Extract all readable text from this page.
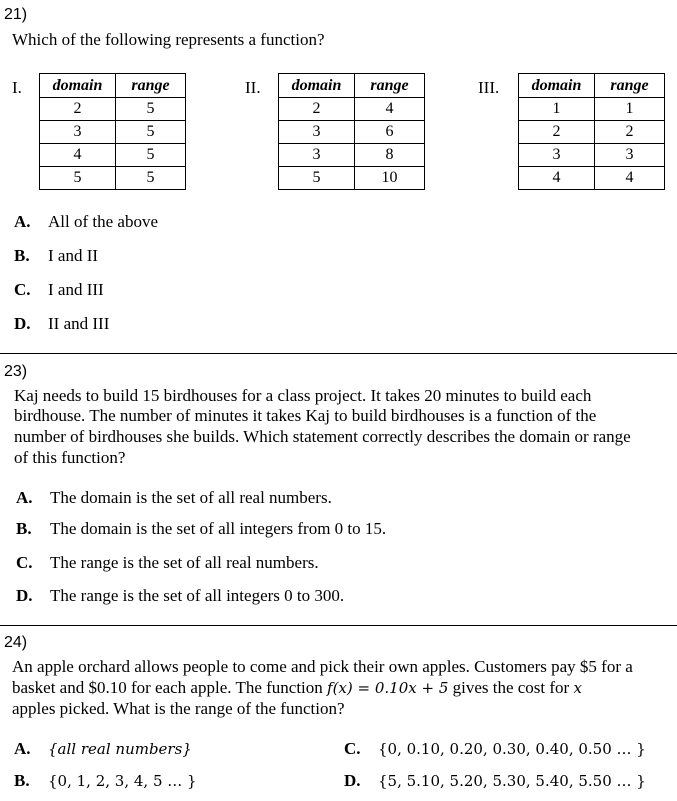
21)
Which of the following represents a function?
I. domain	range
2	5
3	5
4	5
5	5
II. domain	range
2	4
3	6
3	8
5	10
III. domain	range
1	1
2	2
3	3
4	4
A. All of the above
B. I and II
C. I and III
D. II and III
23)
Kaj needs to build 15 birdhouses for a class project. It takes 20 minutes to build each
birdhouse. The number of minutes it takes Kaj to build birdhouses is a function of the
number of birdhouses she builds. Which statement correctly describes the domain or range
of this function?
A. The domain is the set of all real numbers.
B. The domain is the set of all integers from 0 to 15.
C. The range is the set of all real numbers.
D. The range is the set of all integers 0 to 300.
24)
An apple orchard allows people to come and pick their own apples. Customers pay $5 for a
basket and $0.10 for each apple. The function f(x) = 0.10x + 5 gives the cost for x
apples picked. What is the range of the function?
A. {all real numbers}
B. {0, 1, 2, 3, 4, 5 … }
C. {0, 0.10, 0.20, 0.30, 0.40, 0.50 … }
D. {5, 5.10, 5.20, 5.30, 5.40, 5.50 … }
